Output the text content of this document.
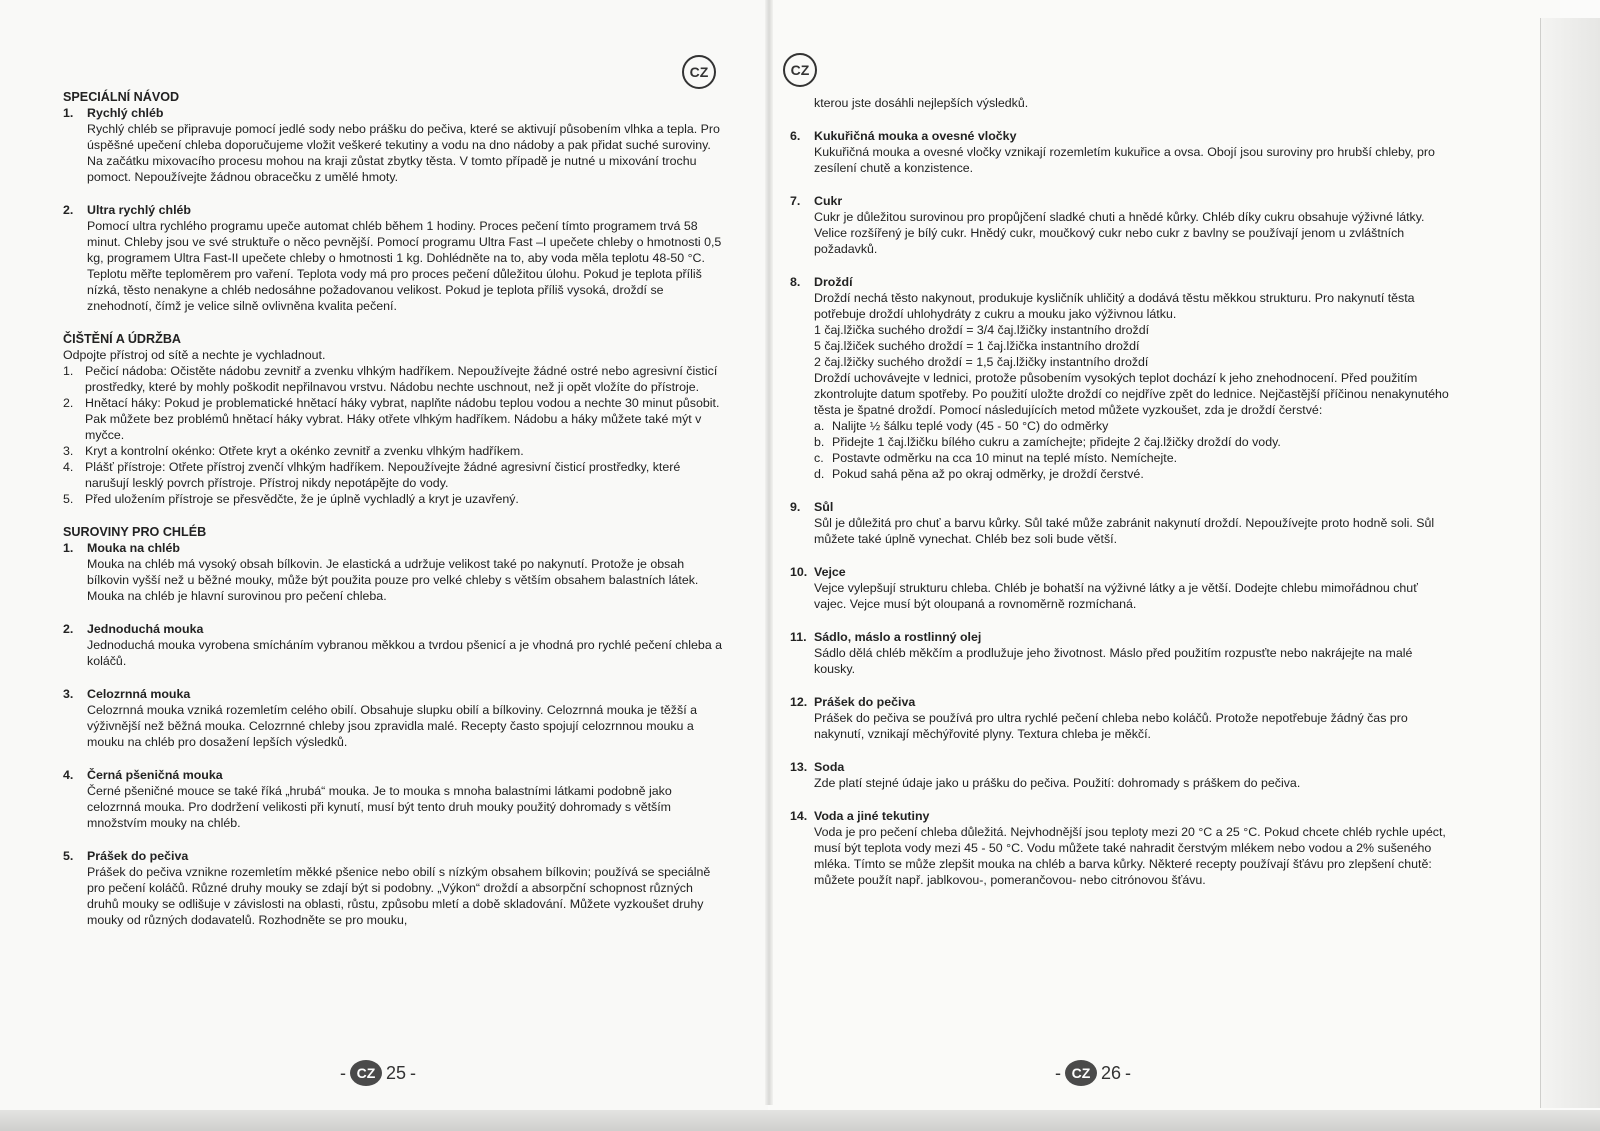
CZ	CZ

SPECIÁLNÍ NÁVOD

1. Rychlý chléb

Rychlý chléb se připravuje pomocí jedlé sody nebo prášku do pečiva, které se aktivují působením vlhka a tepla. Pro úspěšné upečení chleba doporučujeme vložit veškeré tekutiny a vodu na dno nádoby a pak přidat suché suroviny. Na začátku mixovacího procesu mohou na kraji zůstat zbytky těsta. V tomto případě je nutné u mixování trochu pomoct. Nepoužívejte žádnou obracečku z umělé hmoty.

2. Ultra rychlý chléb

Pomocí ultra rychlého programu upeče automat chléb během 1 hodiny. Proces pečení tímto programem trvá 58 minut. Chleby jsou ve své struktuře o něco pevnější. Pomocí programu Ultra Fast –I upečete chleby o hmotnosti 0,5 kg, programem Ultra Fast-II upečete chleby o hmotnosti 1 kg. Dohlédněte na to, aby voda měla teplotu 48-50 °C. Teplotu měřte teploměrem pro vaření. Teplota vody má pro proces pečení důležitou úlohu. Pokud je teplota příliš nízká, těsto nenakyne a chléb nedosáhne požadovanou velikost. Pokud je teplota příliš vysoká, droždí se znehodnotí, čímž je velice silně ovlivněna kvalita pečení.

ČIŠTĚNÍ A ÚDRŽBA

Odpojte přístroj od sítě a nechte je vychladnout.

1. Pečicí nádoba: Očistěte nádobu zevnitř a zvenku vlhkým hadříkem. Nepoužívejte žádné ostré nebo agresivní čisticí prostředky, které by mohly poškodit nepřilnavou vrstvu. Nádobu nechte uschnout, než ji opět vložíte do přístroje.
2. Hnětací háky: Pokud je problematické hnětací háky vybrat, naplňte nádobu teplou vodou a nechte 30 minut působit. Pak můžete bez problémů hnětací háky vybrat. Háky otřete vlhkým hadříkem. Nádobu a háky můžete také mýt v myčce.
3. Kryt a kontrolní okénko: Otřete kryt a okénko zevnitř a zvenku vlhkým hadříkem.
4. Plášť přístroje: Otřete přístroj zvenčí vlhkým hadříkem. Nepoužívejte žádné agresivní čisticí prostředky, které narušují lesklý povrch přístroje. Přístroj nikdy nepotápějte do vody.
5. Před uložením přístroje se přesvědčte, že je úplně vychladlý a kryt je uzavřený.

SUROVINY PRO CHLÉB

1. Mouka na chléb

Mouka na chléb má vysoký obsah bílkovin. Je elastická a udržuje velikost také po nakynutí. Protože je obsah bílkovin vyšší než u běžné mouky, může být použita pouze pro velké chleby s větším obsahem balastních látek. Mouka na chléb je hlavní surovinou pro pečení chleba.

2. Jednoduchá mouka

Jednoduchá mouka vyrobena smícháním vybranou měkkou a tvrdou pšenicí a je vhodná pro rychlé pečení chleba a koláčů.

3. Celozrnná mouka

Celozrnná mouka vzniká rozemletím celého obilí. Obsahuje slupku obilí a bílkoviny. Celozrnná mouka je těžší a výživnější než běžná mouka. Celozrnné chleby jsou zpravidla malé. Recepty často spojují celozrnnou mouku a mouku na chléb pro dosažení lepších výsledků.

4. Černá pšeničná mouka

Černé pšeničné mouce se také říká „hrubá“ mouka. Je to mouka s mnoha balastními látkami podobně jako celozrnná mouka. Pro dodržení velikosti při kynutí, musí být tento druh mouky použitý dohromady s větším množstvím mouky na chléb.

5. Prášek do pečiva

Prášek do pečiva vznikne rozemletím měkké pšenice nebo obilí s nízkým obsahem bílkovin; používá se speciálně pro pečení koláčů. Různé druhy mouky se zdají být si podobny. „Výkon“ droždí a absorpční schopnost různých druhů mouky se odlišuje v závislosti na oblasti, růstu, způsobu mletí a době skladování. Můžete vyzkoušet druhy mouky od různých dodavatelů. Rozhodněte se pro mouku,

kterou jste dosáhli nejlepších výsledků.

6. Kukuřičná mouka a ovesné vločky

Kukuřičná mouka a ovesné vločky vznikají rozemletím kukuřice a ovsa. Obojí jsou suroviny pro hrubší chleby, pro zesílení chutě a konzistence.

7. Cukr

Cukr je důležitou surovinou pro propůjčení sladké chuti a hnědé kůrky. Chléb díky cukru obsahuje výživné látky. Velice rozšířený je bílý cukr. Hnědý cukr, moučkový cukr nebo cukr z bavlny se používají jenom u zvláštních požadavků.

8. Droždí

Droždí nechá těsto nakynout, produkuje kysličník uhličitý a dodává těstu měkkou strukturu. Pro nakynutí těsta potřebuje droždí uhlohydráty z cukru a mouku jako výživnou látku.

1 čaj.lžička suchého droždí = 3/4 čaj.lžičky instantního droždí

5 čaj.lžiček suchého droždí = 1 čaj.lžička instantního droždí

2 čaj.lžičky suchého droždí = 1,5 čaj.lžičky instantního droždí

Droždí uchovávejte v lednici, protože působením vysokých teplot dochází k jeho znehodnocení. Před použitím zkontrolujte datum spotřeby. Po použití uložte droždí co nejdříve zpět do lednice. Nejčastější příčinou nenakynutého těsta je špatné droždí. Pomocí následujících metod můžete vyzkoušet, zda je droždí čerstvé:

a. Nalijte ½ šálku teplé vody (45 - 50 °C) do odměrky
b. Přidejte 1 čaj.lžičku bílého cukru a zamíchejte; přidejte 2 čaj.lžičky droždí do vody.
c. Postavte odměrku na cca 10 minut na teplé místo. Nemíchejte.
d. Pokud sahá pěna až po okraj odměrky, je droždí čerstvé.

9. Sůl

Sůl je důležitá pro chuť a barvu kůrky. Sůl také může zabránit nakynutí droždí. Nepoužívejte proto hodně soli. Sůl můžete také úplně vynechat. Chléb bez soli bude větší.

10. Vejce

Vejce vylepšují strukturu chleba. Chléb je bohatší na výživné látky a je větší. Dodejte chlebu mimořádnou chuť vajec. Vejce musí být oloupaná a rovnoměrně rozmíchaná.

11. Sádlo, máslo a rostlinný olej

Sádlo dělá chléb měkčím a prodlužuje jeho životnost. Máslo před použitím rozpusťte nebo nakrájejte na malé kousky.

12. Prášek do pečiva

Prášek do pečiva se používá pro ultra rychlé pečení chleba nebo koláčů. Protože nepotřebuje žádný čas pro nakynutí, vznikají měchýřovité plyny. Textura chleba je měkčí.

13. Soda

Zde platí stejné údaje jako u prášku do pečiva. Použití: dohromady s práškem do pečiva.

14. Voda a jiné tekutiny

Voda je pro pečení chleba důležitá. Nejvhodnější jsou teploty mezi 20 °C a 25 °C. Pokud chcete chléb rychle upéct, musí být teplota vody mezi 45 - 50 °C. Vodu můžete také nahradit čerstvým mlékem nebo vodou a 2% sušeného mléka. Tímto se může zlepšit mouka na chléb a barva kůrky. Některé recepty používají šťávu pro zlepšení chutě: můžete použít např. jablkovou-, pomerančovou- nebo citrónovou šťávu.

- CZ 25 -	- CZ 26 -
